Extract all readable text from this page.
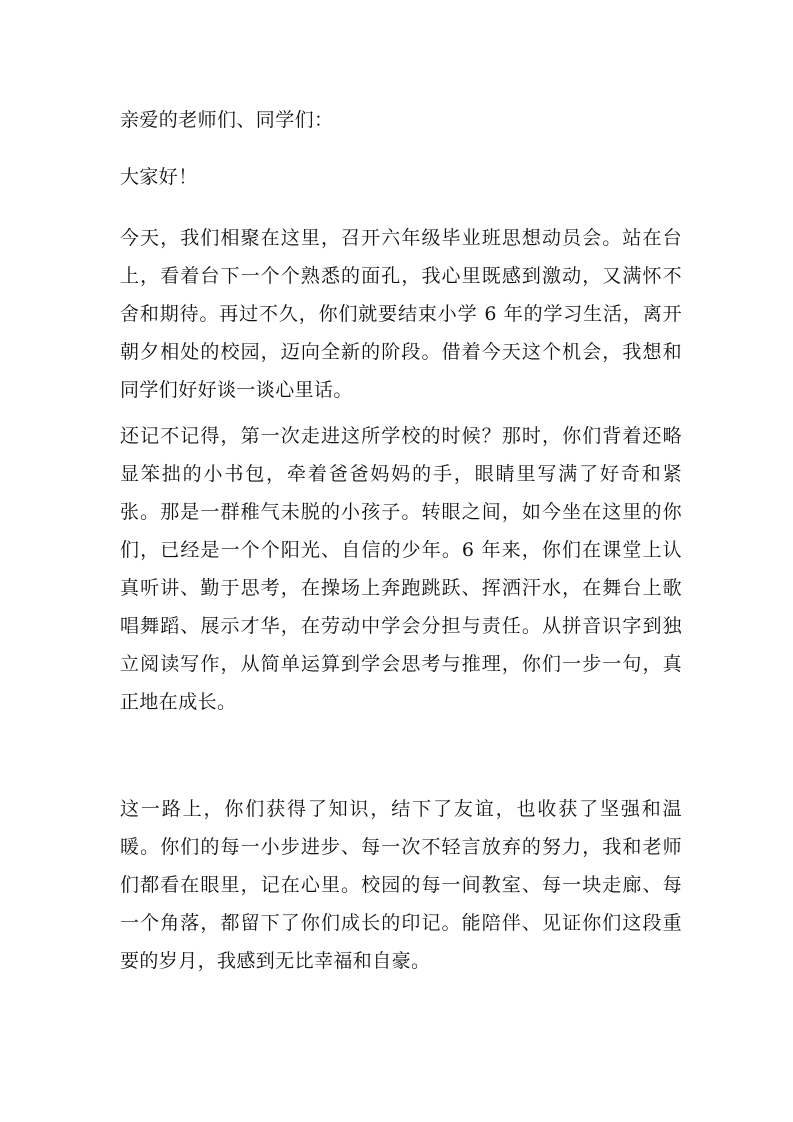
亲爱的老师们、同学们：

大家好！

今天，我们相聚在这里，召开六年级毕业班思想动员会。站在台上，看着台下一个个熟悉的面孔，我心里既感到激动，又满怀不舍和期待。再过不久，你们就要结束小学 6 年的学习生活，离开朝夕相处的校园，迈向全新的阶段。借着今天这个机会，我想和同学们好好谈一谈心里话。

还记不记得，第一次走进这所学校的时候？那时，你们背着还略显笨拙的小书包，牵着爸爸妈妈的手，眼睛里写满了好奇和紧张。那是一群稚气未脱的小孩子。转眼之间，如今坐在这里的你们，已经是一个个阳光、自信的少年。6 年来，你们在课堂上认真听讲、勤于思考，在操场上奔跑跳跃、挥洒汗水，在舞台上歌唱舞蹈、展示才华，在劳动中学会分担与责任。从拼音识字到独立阅读写作，从简单运算到学会思考与推理，你们一步一句，真正地在成长。

这一路上，你们获得了知识，结下了友谊，也收获了坚强和温暖。你们的每一小步进步、每一次不轻言放弃的努力，我和老师们都看在眼里，记在心里。校园的每一间教室、每一块走廊、每一个角落，都留下了你们成长的印记。能陪伴、见证你们这段重要的岁月，我感到无比幸福和自豪。
